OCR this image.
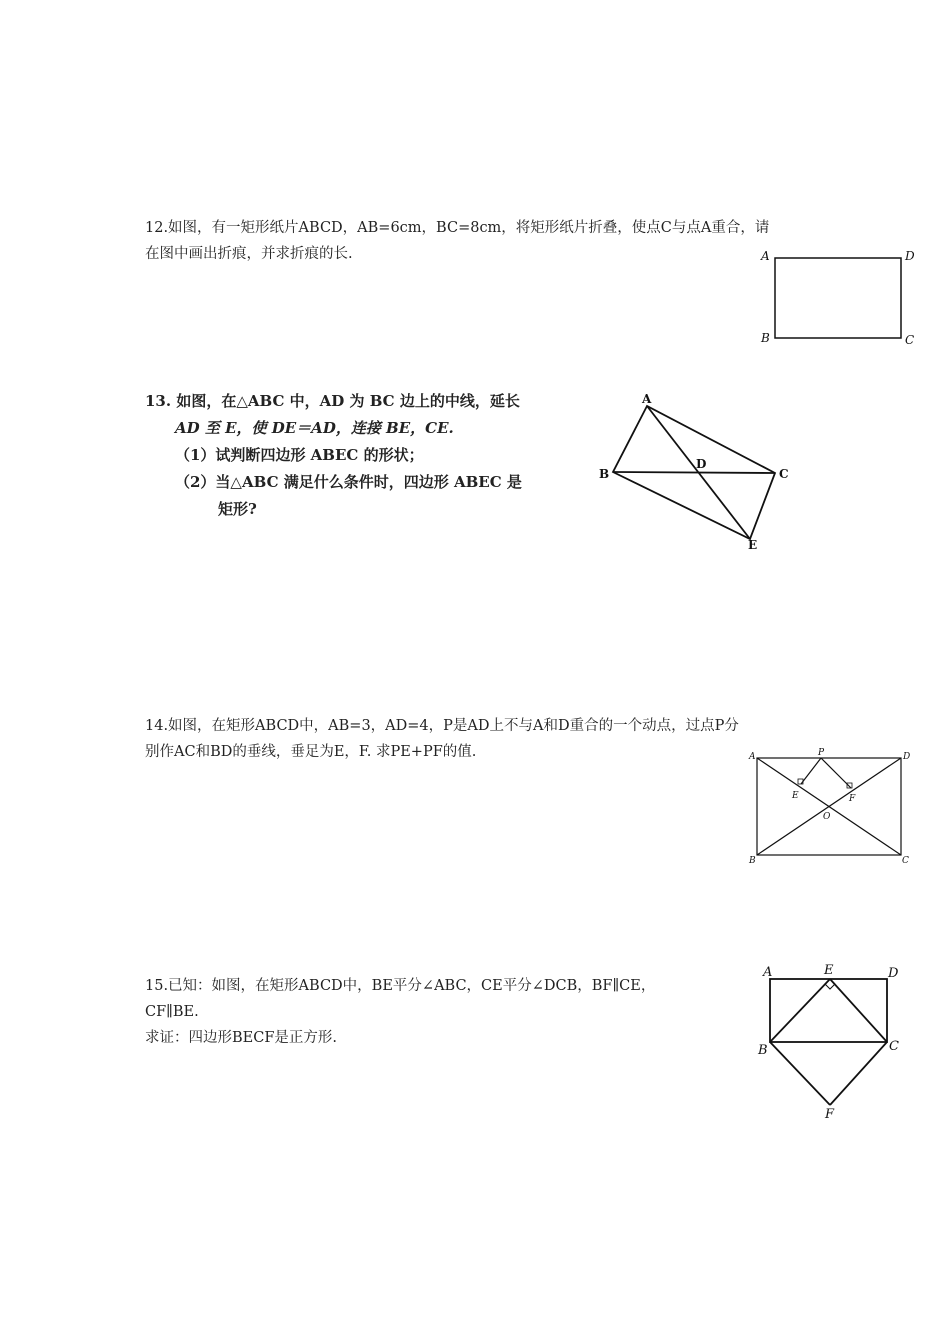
12.如图，有一矩形纸片ABCD，AB=6cm，BC=8cm，将矩形纸片折叠，使点C与点A重合，请
在图中画出折痕，并求折痕的长.	A	D
B	C
13. 如图，在△ABC 中，AD 为 BC 边上的中线，延长
AD 至 E，使 DE＝AD，连接 BE，CE.
（1）试判断四边形 ABEC 的形状；
（2）当△ABC 满足什么条件时，四边形 ABEC 是
矩形?
A
B	C
D
E
14.如图，在矩形ABCD中，AB=3，AD=4，P是AD上不与A和D重合的一个动点，过点P分
别作AC和BD的垂线，垂足为E，F. 求PE+PF的值.	A	P	D
E	F
O
B	C
15.已知：如图，在矩形ABCD中，BE平分∠ABC，CE平分∠DCB，BF∥CE，
CF∥BE.
求证：四边形BECF是正方形.
A	E	D
B	C
F
